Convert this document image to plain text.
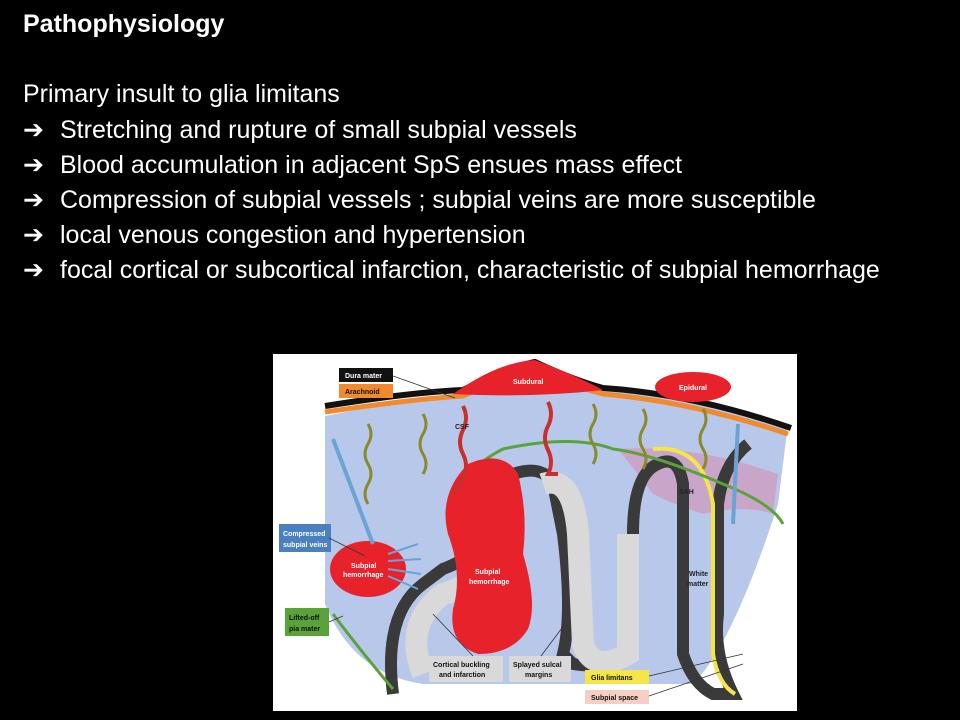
Pathophysiology
Primary insult to glia limitans
➔ Stretching and rupture of small subpial vessels
➔ Blood accumulation in adjacent SpS ensues mass effect
➔ Compression of subpial vessels ; subpial veins are more susceptible
➔ local venous congestion and hypertension
➔ focal cortical or subcortical infarction, characteristic of subpial hemorrhage
Dura mater
Arachnoid
Subdural
Epidural
CSF
SAH
Compressed
subpial veins
Subpial
hemorrhage	Subpial
hemorrhage
White
matter
Lifted-off
pia mater
Cortical buckling
and infarction
Splayed sulcal
margins	Glia limitans
Subpial space
